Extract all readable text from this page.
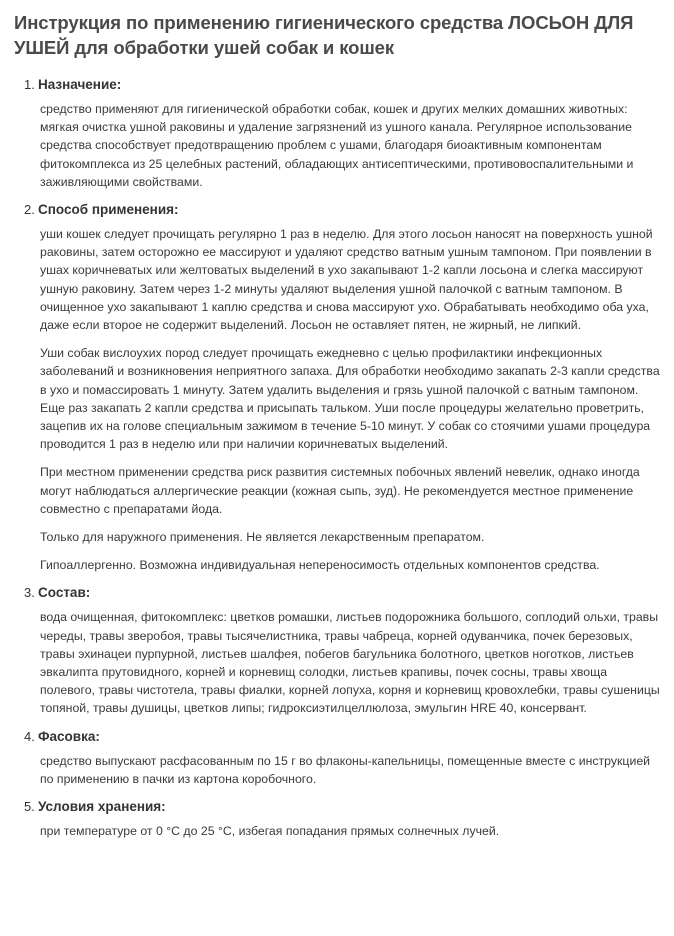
Инструкция по применению гигиенического средства ЛОСЬОН ДЛЯ УШЕЙ для обработки ушей собак и кошек
1. Назначение:

средство применяют для гигиенической обработки собак, кошек и других мелких домашних животных: мягкая очистка ушной раковины и удаление загрязнений из ушного канала. Регулярное использование средства способствует предотвращению проблем с ушами, благодаря биоактивным компонентам фитокомплекса из 25 целебных растений, обладающих антисептическими, противовоспалительными и заживляющими свойствами.

2. Способ применения:

уши кошек следует прочищать регулярно 1 раз в неделю. Для этого лосьон наносят на поверхность ушной раковины, затем осторожно ее массируют и удаляют средство ватным ушным тампоном. При появлении в ушах коричневатых или желтоватых выделений в ухо закапывают 1-2 капли лосьона и слегка массируют ушную раковину. Затем через 1-2 минуты удаляют выделения ушной палочкой с ватным тампоном. В очищенное ухо закапывают 1 каплю средства и снова массируют ухо. Обрабатывать необходимо оба уха, даже если второе не содержит выделений. Лосьон не оставляет пятен, не жирный, не липкий.

Уши собак вислоухих пород следует прочищать ежедневно с целью профилактики инфекционных заболеваний и возникновения неприятного запаха. Для обработки необходимо закапать 2-3 капли средства в ухо и помассировать 1 минуту. Затем удалить выделения и грязь ушной палочкой с ватным тампоном. Еще раз закапать 2 капли средства и присыпать тальком. Уши после процедуры желательно проветрить, зацепив их на голове специальным зажимом в течение 5-10 минут. У собак со стоячими ушами процедура проводится 1 раз в неделю или при наличии коричневатых выделений.

При местном применении средства риск развития системных побочных явлений невелик, однако иногда могут наблюдаться аллергические реакции (кожная сыпь, зуд). Не рекомендуется местное применение совместно с препаратами йода.

Только для наружного применения. Не является лекарственным препаратом.

Гипоаллергенно. Возможна индивидуальная непереносимость отдельных компонентов средства.

3. Состав:

вода очищенная, фитокомплекс: цветков ромашки, листьев подорожника большого, соплодий ольхи, травы череды, травы зверобоя, травы тысячелистника, травы чабреца, корней одуванчика, почек березовых, травы эхинацеи пурпурной, листьев шалфея, побегов багульника болотного, цветков ноготков, листьев эвкалипта прутовидного, корней и корневищ солодки, листьев крапивы, почек сосны, травы хвоща полевого, травы чистотела, травы фиалки, корней лопуха, корня и корневищ кровохлебки, травы сушеницы топяной, травы душицы, цветков липы; гидроксиэтилцеллюлоза, эмульгин HRE 40, консервант.

4. Фасовка:

средство выпускают расфасованным по 15 г во флаконы-капельницы, помещенные вместе с инструкцией по применению в пачки из картона коробочного.

5. Условия хранения:

при температуре от 0 °С до 25 °С, избегая попадания прямых солнечных лучей.
